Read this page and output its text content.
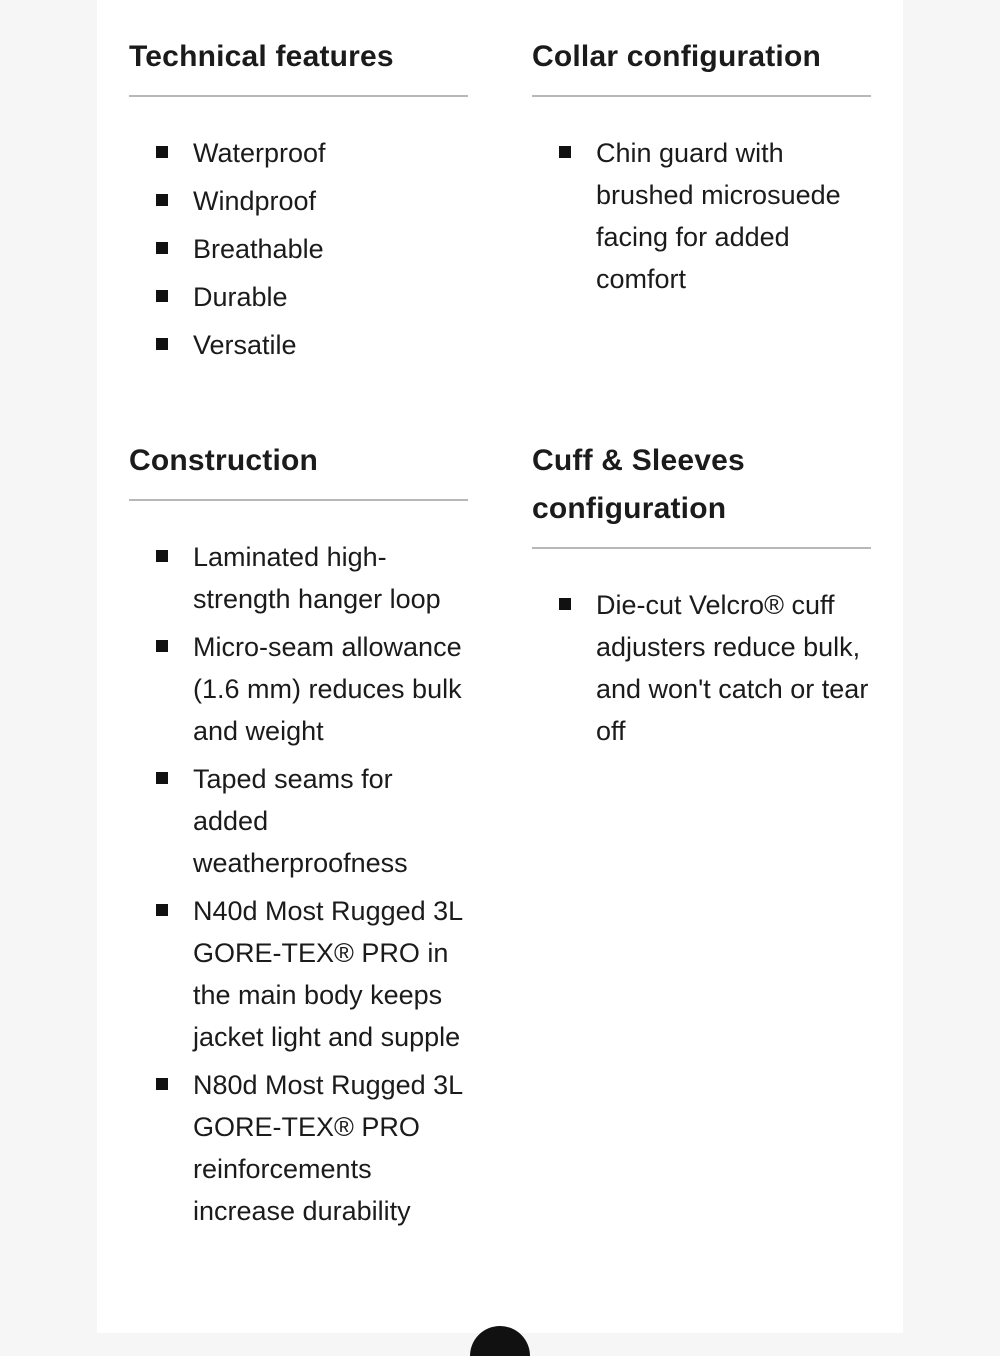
Technical features
Waterproof
Windproof
Breathable
Durable
Versatile
Collar configuration
Chin guard with brushed microsuede facing for added comfort
Construction
Laminated high-strength hanger loop
Micro-seam allowance (1.6 mm) reduces bulk and weight
Taped seams for added weatherproofness
N40d Most Rugged 3L GORE-TEX® PRO in the main body keeps jacket light and supple
N80d Most Rugged 3L GORE-TEX® PRO reinforcements increase durability
Cuff & Sleeves configuration
Die-cut Velcro® cuff adjusters reduce bulk, and won't catch or tear off
